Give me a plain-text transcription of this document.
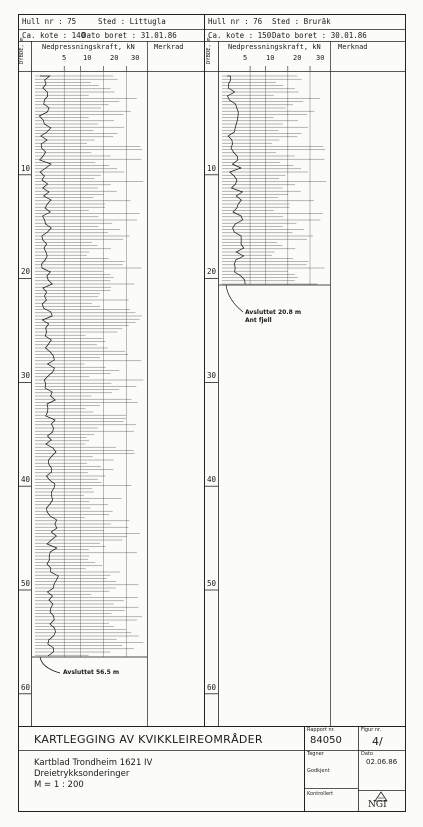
Hull nr : 75	Sted : Littugla
Ca. kote : 140
Dato boret : 31.01.86
DYBDE, m Nedpressningskraft, kN	Merkrad
5 10	20 30
10
20
30
40
50
60
Avsluttet 56.5 m
Hull nr : 76 Sted : Brurāk
Ca. kote : 150 Dato boret : 30.01.86
DYBDE, m Nedpressningskraft, kN Merknad
5	10	20 30
10
20
30
40
50
60
Avsluttet 20.8 m
Ant fjell
KARTLEGGING AV KVIKKLEIREOMRÅDER
Kartblad Trondheim 1621 IV
Dreietrykksonderinger
M = 1 : 200
Rapport nr.
84050
Figur nr.
4/
Tegner	Dato
02.06.86
Godkjent
Kontrollert
NGI
